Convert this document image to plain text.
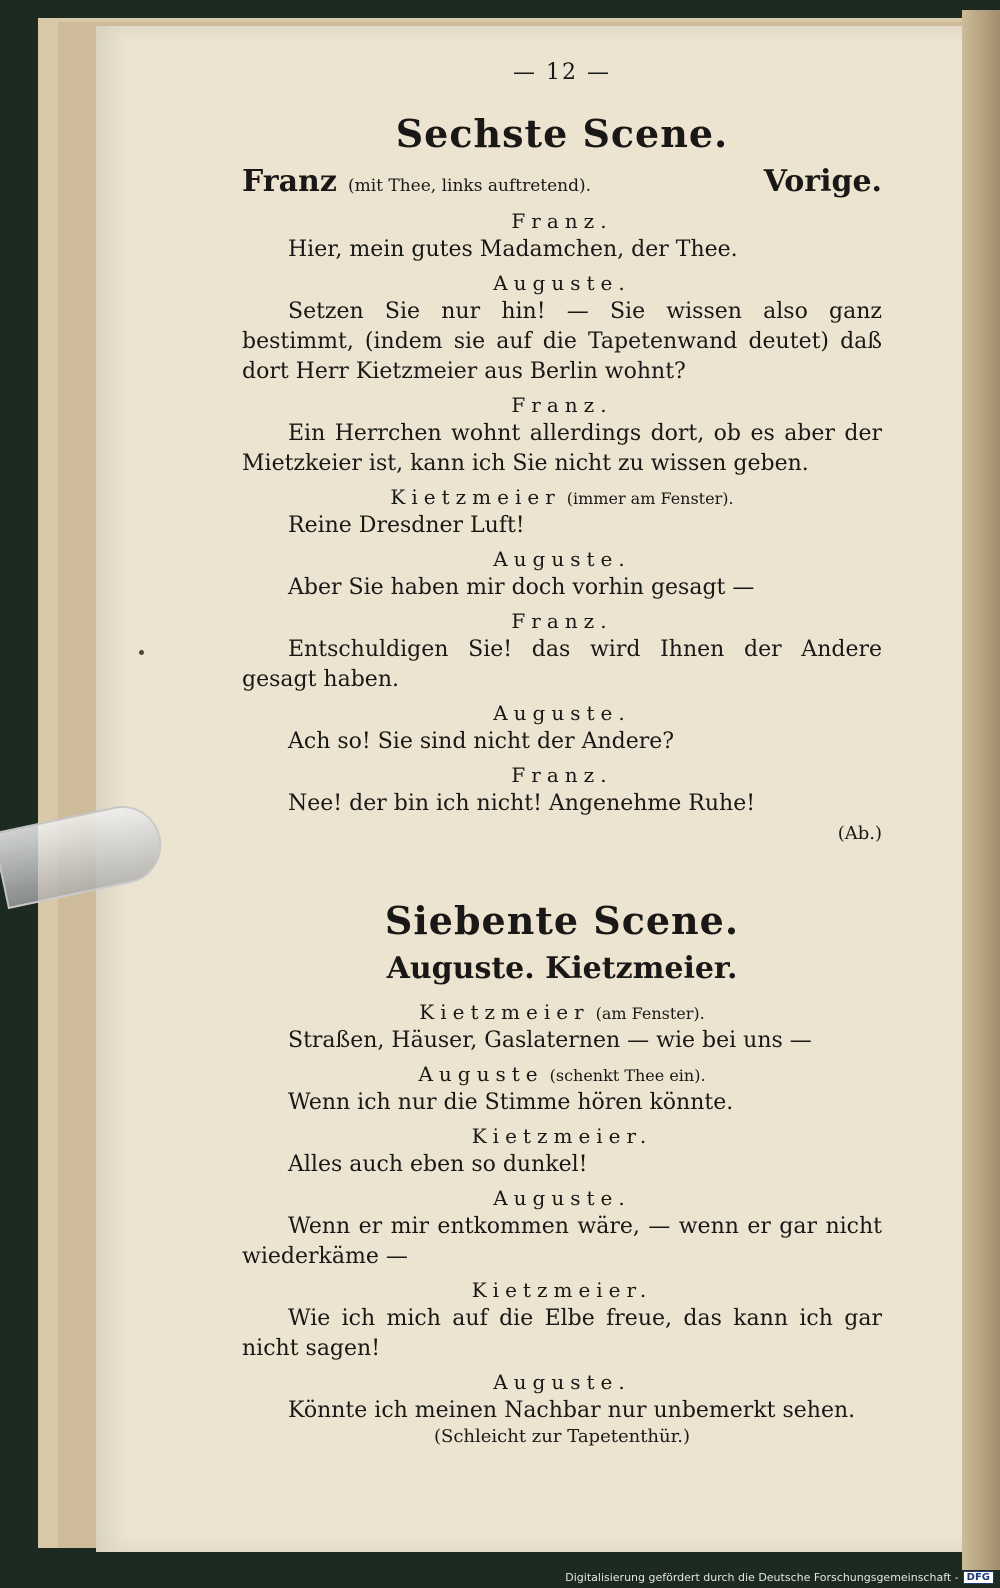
— 12 —
Sechste Scene.
Franz (mit Thee, links auftretend).	Vorige.
Franz.

Hier, mein gutes Madamchen, der Thee.

Auguste.

Setzen Sie nur hin! — Sie wissen also ganz bestimmt, (indem sie auf die Tapetenwand deutet) daß dort Herr Kietzmeier aus Berlin wohnt?

Franz.

Ein Herrchen wohnt allerdings dort, ob es aber der Mietzkeier ist, kann ich Sie nicht zu wissen geben.

Kietzmeier (immer am Fenster).

Reine Dresdner Luft!

Auguste.

Aber Sie haben mir doch vorhin gesagt —

Franz.

Entschuldigen Sie! das wird Ihnen der Andere gesagt haben.

Auguste.

Ach so! Sie sind nicht der Andere?

Franz.

Nee! der bin ich nicht! Angenehme Ruhe!

(Ab.)
Siebente Scene.
Auguste. Kietzmeier.
Kietzmeier (am Fenster).

Straßen, Häuser, Gaslaternen — wie bei uns —

Auguste (schenkt Thee ein).

Wenn ich nur die Stimme hören könnte.

Kietzmeier.

Alles auch eben so dunkel!

Auguste.

Wenn er mir entkommen wäre, — wenn er gar nicht wiederkäme —

Kietzmeier.

Wie ich mich auf die Elbe freue, das kann ich gar nicht sagen!

Auguste.

Könnte ich meinen Nachbar nur unbemerkt sehen.

(Schleicht zur Tapetenthür.)
Digitalisierung gefördert durch die Deutsche Forschungsgemeinschaft - DFG
